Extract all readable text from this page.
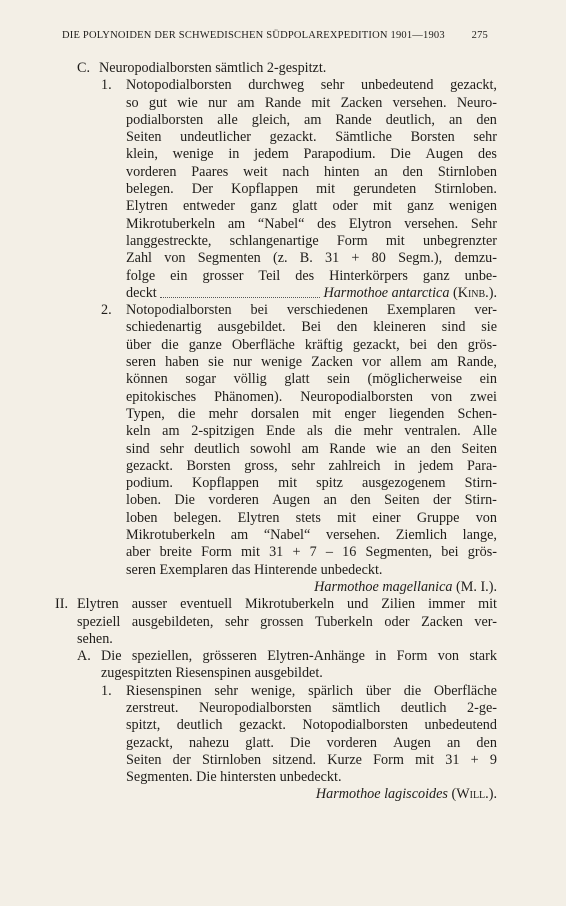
DIE POLYNOIDEN DER SCHWEDISCHEN SÜDPOLAREXPEDITION 1901—1903	275
C. Neuropodialborsten sämtlich 2-gespitzt.
1.	Notopodialborsten durchweg sehr unbedeutend gezackt,
so gut wie nur am Rande mit Zacken versehen. Neuro-
podialborsten alle gleich, am Rande deutlich, an den
Seiten undeutlicher gezackt. Sämtliche Borsten sehr
klein, wenige in jedem Parapodium. Die Augen des
vorderen Paares weit nach hinten an den Stirnloben
belegen. Der Kopflappen mit gerundeten Stirnloben.
Elytren entweder ganz glatt oder mit ganz wenigen
Mikrotuberkeln am “Nabel“ des Elytron versehen. Sehr
langgestreckte, schlangenartige Form mit unbegrenzter
Zahl von Segmenten (z. B. 31 + 80 Segm.), demzu-
folge ein grosser Teil des Hinterkörpers ganz unbe-
deckt	Harmothoe antarctica (Kinb.).
2.	Notopodialborsten bei verschiedenen Exemplaren ver-
schiedenartig ausgebildet. Bei den kleineren sind sie
über die ganze Oberfläche kräftig gezackt, bei den grös-
seren haben sie nur wenige Zacken vor allem am Rande,
können sogar völlig glatt sein (möglicherweise ein
epitokisches Phänomen). Neuropodialborsten von zwei
Typen, die mehr dorsalen mit enger liegenden Schen-
keln am 2-spitzigen Ende als die mehr ventralen. Alle
sind sehr deutlich sowohl am Rande wie an den Seiten
gezackt. Borsten gross, sehr zahlreich in jedem Para-
podium. Kopflappen mit spitz ausgezogenem Stirn-
loben. Die vorderen Augen an den Seiten der Stirn-
loben belegen. Elytren stets mit einer Gruppe von
Mikrotuberkeln am “Nabel“ versehen. Ziemlich lange,
aber breite Form mit 31 + 7 – 16 Segmenten, bei grös-
seren Exemplaren das Hinterende unbedeckt.
Harmothoe magellanica (M. I.).
II. Elytren ausser eventuell Mikrotuberkeln und Zilien immer mit
speziell ausgebildeten, sehr grossen Tuberkeln oder Zacken ver-
sehen.
A. Die speziellen, grösseren Elytren-Anhänge in Form von stark
zugespitzten Riesenspinen ausgebildet.
1.	Riesenspinen sehr wenige, spärlich über die Oberfläche
zerstreut. Neuropodialborsten sämtlich deutlich 2-ge-
spitzt, deutlich gezackt. Notopodialborsten unbedeutend
gezackt, nahezu glatt. Die vorderen Augen an den
Seiten der Stirnloben sitzend. Kurze Form mit 31 + 9
Segmenten. Die hintersten unbedeckt.
Harmothoe lagiscoides (Will.).
